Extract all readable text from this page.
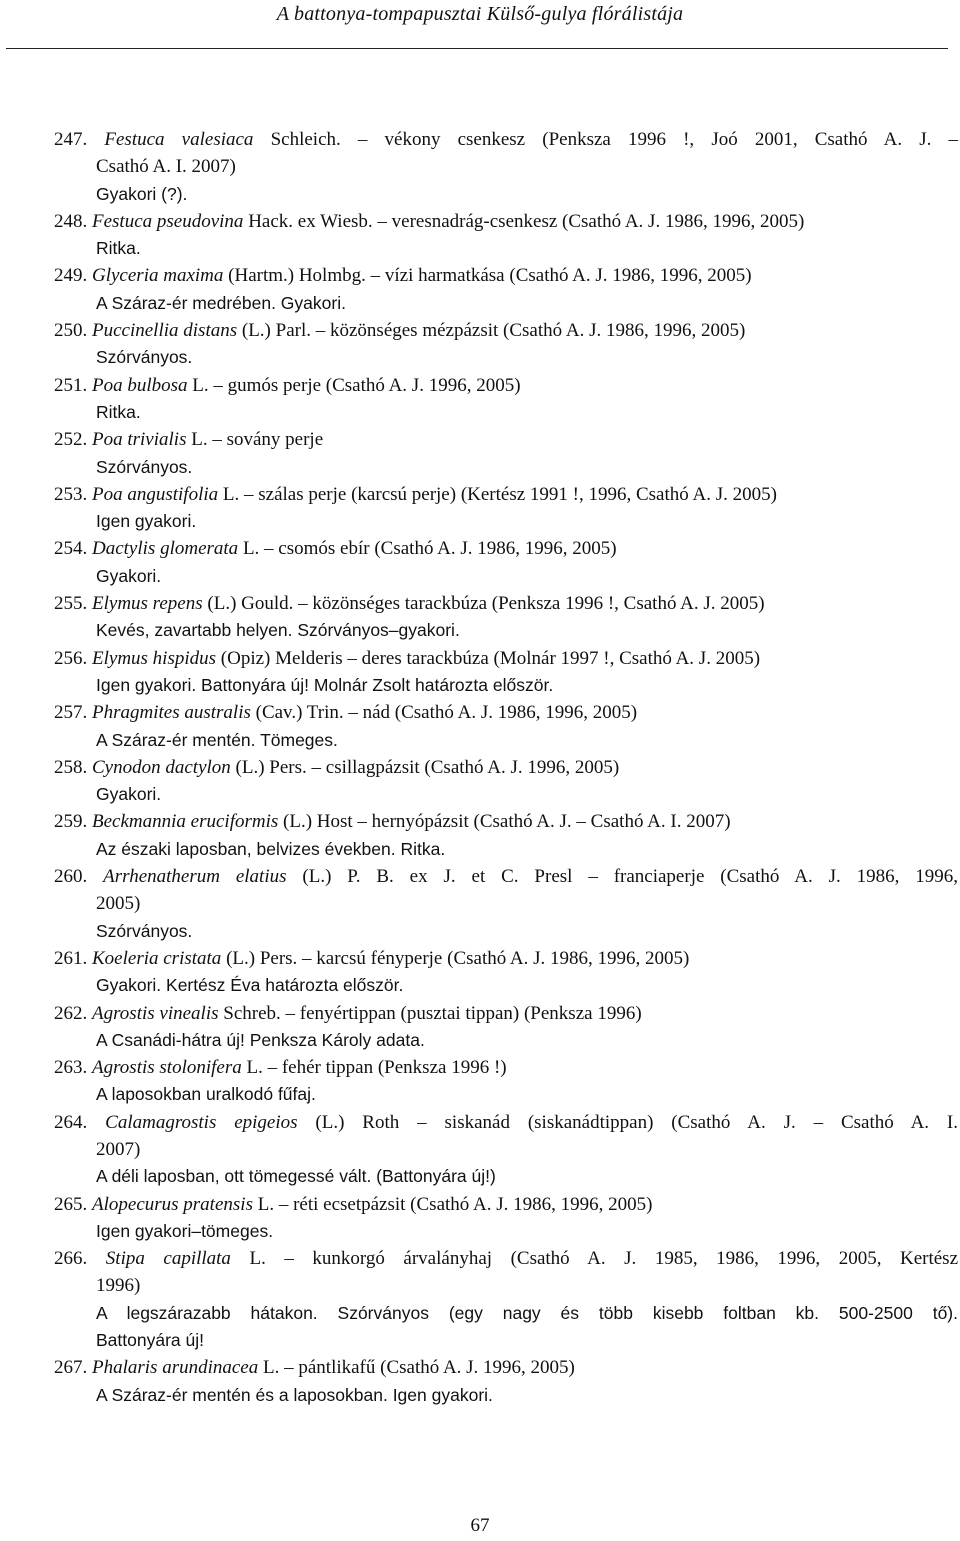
A battonya-tompapusztai Külső-gulya flórálistája
247. Festuca valesiaca Schleich. – vékony csenkesz (Penksza 1996 !, Joó 2001, Csathó A. J. –
Csathó A. I. 2007)
Gyakori (?).
248. Festuca pseudovina Hack. ex Wiesb. – veresnadrág-csenkesz (Csathó A. J. 1986, 1996, 2005)
Ritka.
249. Glyceria maxima (Hartm.) Holmbg. – vízi harmatkása (Csathó A. J. 1986, 1996, 2005)
A Száraz-ér medrében. Gyakori.
250. Puccinellia distans (L.) Parl. – közönséges mézpázsit (Csathó A. J. 1986, 1996, 2005)
Szórványos.
251. Poa bulbosa L. – gumós perje (Csathó A. J. 1996, 2005)
Ritka.
252. Poa trivialis L. – sovány perje
Szórványos.
253. Poa angustifolia L. – szálas perje (karcsú perje) (Kertész 1991 !, 1996, Csathó A. J. 2005)
Igen gyakori.
254. Dactylis glomerata L. – csomós ebír (Csathó A. J. 1986, 1996, 2005)
Gyakori.
255. Elymus repens (L.) Gould. – közönséges tarackbúza (Penksza 1996 !, Csathó A. J. 2005)
Kevés, zavartabb helyen. Szórványos–gyakori.
256. Elymus hispidus (Opiz) Melderis – deres tarackbúza (Molnár 1997 !, Csathó A. J. 2005)
Igen gyakori. Battonyára új! Molnár Zsolt határozta először.
257. Phragmites australis (Cav.) Trin. – nád (Csathó A. J. 1986, 1996, 2005)
A Száraz-ér mentén. Tömeges.
258. Cynodon dactylon (L.) Pers. – csillagpázsit (Csathó A. J. 1996, 2005)
Gyakori.
259. Beckmannia eruciformis (L.) Host – hernyópázsit (Csathó A. J. – Csathó A. I. 2007)
Az északi laposban, belvizes években. Ritka.
260. Arrhenatherum elatius (L.) P. B. ex J. et C. Presl – franciaperje (Csathó A. J. 1986, 1996,
2005)
Szórványos.
261. Koeleria cristata (L.) Pers. – karcsú fényperje (Csathó A. J. 1986, 1996, 2005)
Gyakori. Kertész Éva határozta először.
262. Agrostis vinealis Schreb. – fenyértippan (pusztai tippan) (Penksza 1996)
A Csanádi-hátra új! Penksza Károly adata.
263. Agrostis stolonifera L. – fehér tippan (Penksza 1996 !)
A laposokban uralkodó fűfaj.
264. Calamagrostis epigeios (L.) Roth – siskanád (siskanádtippan) (Csathó A. J. – Csathó A. I.
2007)
A déli laposban, ott tömegessé vált. (Battonyára új!)
265. Alopecurus pratensis L. – réti ecsetpázsit (Csathó A. J. 1986, 1996, 2005)
Igen gyakori–tömeges.
266. Stipa capillata L. – kunkorgó árvalányhaj (Csathó A. J. 1985, 1986, 1996, 2005, Kertész
1996)
A legszárazabb hátakon. Szórványos (egy nagy és több kisebb foltban kb. 500-2500 tő).
Battonyára új!
267. Phalaris arundinacea L. – pántlikafű (Csathó A. J. 1996, 2005)
A Száraz-ér mentén és a laposokban. Igen gyakori.
67
